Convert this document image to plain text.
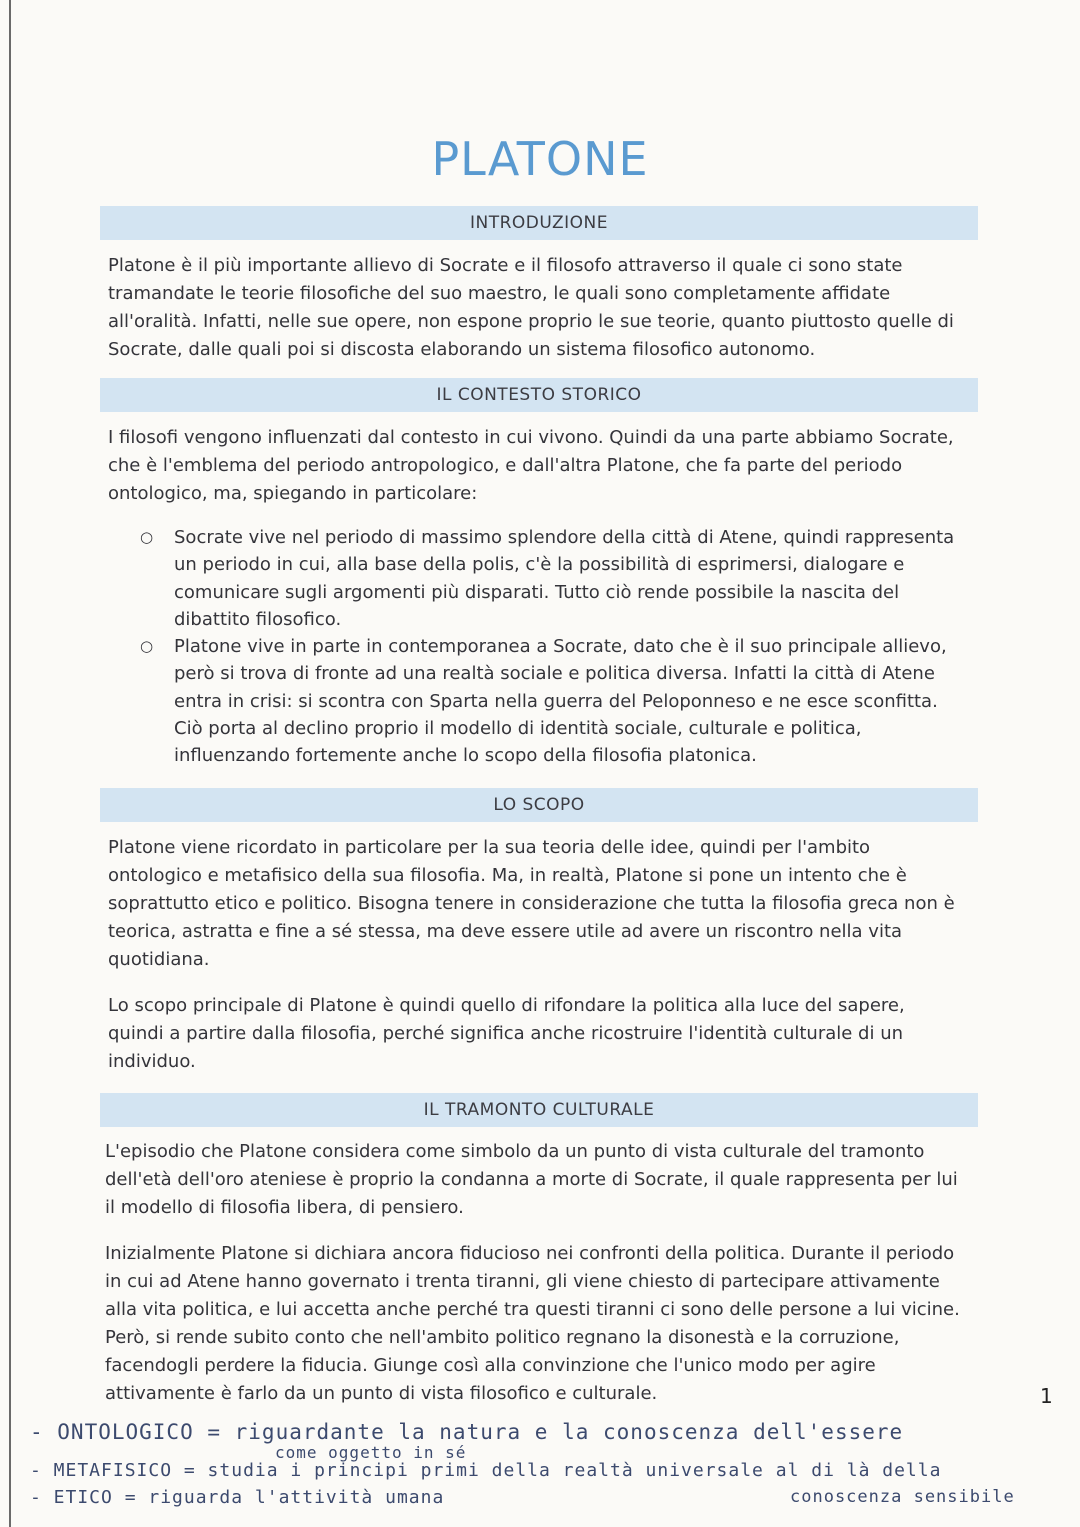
PLATONE
INTRODUZIONE

Platone è il più importante allievo di Socrate e il filosofo attraverso il quale ci sono state tramandate le teorie filosofiche del suo maestro, le quali sono completamente affidate all'oralità. Infatti, nelle sue opere, non espone proprio le sue teorie, quanto piuttosto quelle di Socrate, dalle quali poi si discosta elaborando un sistema filosofico autonomo.

IL CONTESTO STORICO

I filosofi vengono influenzati dal contesto in cui vivono. Quindi da una parte abbiamo Socrate, che è l'emblema del periodo antropologico, e dall'altra Platone, che fa parte del periodo ontologico, ma, spiegando in particolare:

○ Socrate vive nel periodo di massimo splendore della città di Atene, quindi rappresenta un periodo in cui, alla base della polis, c'è la possibilità di esprimersi, dialogare e comunicare sugli argomenti più disparati. Tutto ciò rende possibile la nascita del dibattito filosofico.
○ Platone vive in parte in contemporanea a Socrate, dato che è il suo principale allievo, però si trova di fronte ad una realtà sociale e politica diversa. Infatti la città di Atene entra in crisi: si scontra con Sparta nella guerra del Peloponneso e ne esce sconfitta. Ciò porta al declino proprio il modello di identità sociale, culturale e politica, influenzando fortemente anche lo scopo della filosofia platonica.
LO SCOPO

Platone viene ricordato in particolare per la sua teoria delle idee, quindi per l'ambito ontologico e metafisico della sua filosofia. Ma, in realtà, Platone si pone un intento che è soprattutto etico e politico. Bisogna tenere in considerazione che tutta la filosofia greca non è teorica, astratta e fine a sé stessa, ma deve essere utile ad avere un riscontro nella vita quotidiana.

Lo scopo principale di Platone è quindi quello di rifondare la politica alla luce del sapere, quindi a partire dalla filosofia, perché significa anche ricostruire l'identità culturale di un individuo.

IL TRAMONTO CULTURALE

L'episodio che Platone considera come simbolo da un punto di vista culturale del tramonto dell'età dell'oro ateniese è proprio la condanna a morte di Socrate, il quale rappresenta per lui il modello di filosofia libera, di pensiero.

Inizialmente Platone si dichiara ancora fiducioso nei confronti della politica. Durante il periodo in cui ad Atene hanno governato i trenta tiranni, gli viene chiesto di partecipare attivamente alla vita politica, e lui accetta anche perché tra questi tiranni ci sono delle persone a lui vicine. Però, si rende subito conto che nell'ambito politico regnano la disonestà e la corruzione, facendogli perdere la fiducia. Giunge così alla convinzione che l'unico modo per agire attivamente è farlo da un punto di vista filosofico e culturale.	1
- ONTOLOGICO = riguardante la natura e la conoscenza dell'essere
come oggetto in sé
- METAFISICO = studia i principi primi della realtà universale al di là della
- ETICO = riguarda l'attività umana	conoscenza sensibile
